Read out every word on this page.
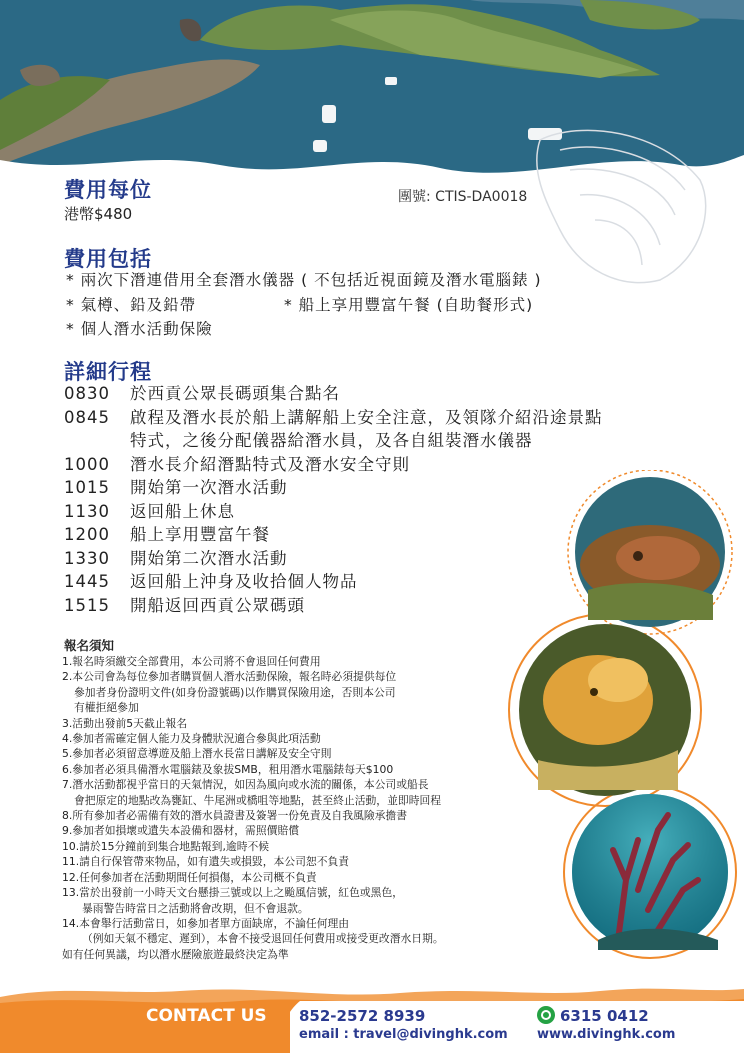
費用每位
港幣$480
團號: CTIS-DA0018
費用包括
* 兩次下潛連借用全套潛水儀器 ( 不包括近視面鏡及潛水電腦錶 )
* 氣樽、鉛及鉛帶	* 船上享用豐富午餐 (自助餐形式)
* 個人潛水活動保險
詳細行程
0830	於西貢公眾長碼頭集合點名
0845	啟程及潛水長於船上講解船上安全注意，及領隊介紹沿途景點
特式，之後分配儀器給潛水員，及各自組裝潛水儀器
1000	潛水長介紹潛點特式及潛水安全守則
1015	開始第一次潛水活動
1130	返回船上休息
1200	船上享用豐富午餐
1330	開始第二次潛水活動
1445	返回船上沖身及收拾個人物品
1515	開船返回西貢公眾碼頭
報名須知
1.報名時須繳交全部費用，本公司將不會退回任何費用
2.本公司會為每位參加者購買個人潛水活動保險，報名時必須提供每位
參加者身份證明文件(如身份證號碼)以作購買保險用途，否則本公司
有權拒絕參加
3.活動出發前5天截止報名
4.參加者需確定個人能力及身體狀況適合參與此項活動
5.參加者必須留意導遊及船上潛水長當日講解及安全守則
6.參加者必須具備潛水電腦錶及象拔SMB，租用潛水電腦錶每天$100
7.潛水活動都視乎當日的天氣情況，如因為風向或水流的關係，本公司或船長
會把原定的地點改為甕缸、牛尾洲或橋咀等地點，甚至終止活動，並即時回程
8.所有參加者必需備有效的潛水員證書及簽署一份免責及自我風險承擔書
9.參加者如損壞或遺失本設備和器材，需照價賠償
10.請於15分鐘前到集合地點報到,逾時不候
11.請自行保管帶來物品，如有遺失或損毀，本公司恕不負責
12.任何參加者在活動期間任何損傷，本公司概不負責
13.當於出發前一小時天文台懸掛三號或以上之颱風信號，紅色或黑色，
暴雨警告時當日之活動將會改期，但不會退款。
14.本會舉行活動當日，如參加者單方面缺席，不論任何理由
（例如天氣不穩定、遲到），本會不接受退回任何費用或接受更改潛水日期。
如有任何異議，均以潛水歷險旅遊最終決定為準
CONTACT US 852-2572 8939
email : travel@divinghk.com
6315 0412
www.divinghk.com
